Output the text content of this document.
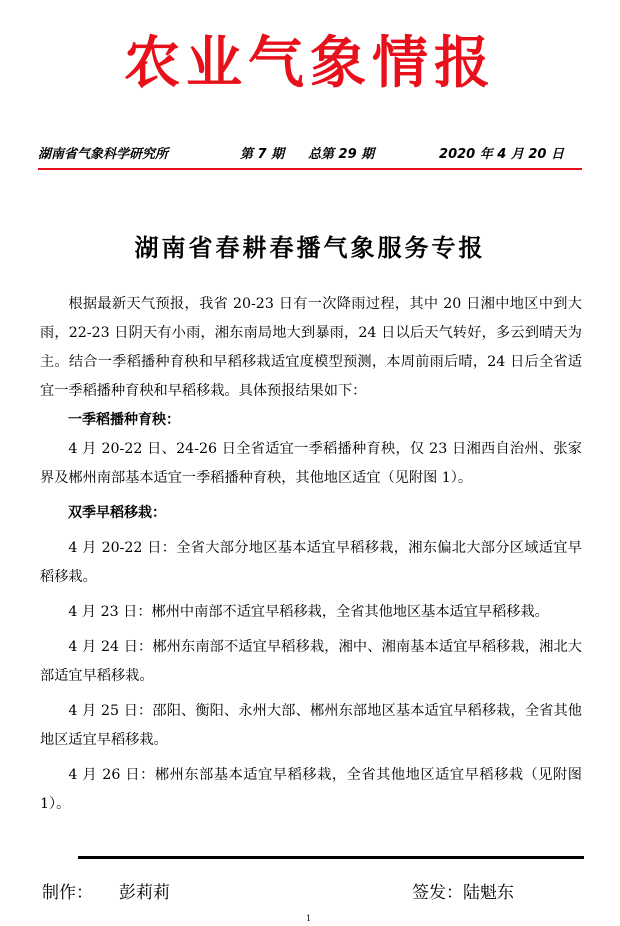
农业气象情报
湖南省气象科学研究所	第 7 期 总第 29 期	2020 年 4 月 20 日
湖南省春耕春播气象服务专报

根据最新天气预报，我省 20-23 日有一次降雨过程，其中 20 日湘中地区中到大雨，22-23 日阴天有小雨，湘东南局地大到暴雨，24 日以后天气转好，多云到晴天为主。结合一季稻播种育秧和早稻移栽适宜度模型预测，本周前雨后晴，24 日后全省适宜一季稻播种育秧和早稻移栽。具体预报结果如下：

一季稻播种育秧：

4 月 20-22 日、24-26 日全省适宜一季稻播种育秧，仅 23 日湘西自治州、张家界及郴州南部基本适宜一季稻播种育秧，其他地区适宜（见附图 1）。

双季早稻移栽：

4 月 20-22 日：全省大部分地区基本适宜早稻移栽，湘东偏北大部分区域适宜早稻移栽。

4 月 23 日：郴州中南部不适宜早稻移栽，全省其他地区基本适宜早稻移栽。

4 月 24 日：郴州东南部不适宜早稻移栽，湘中、湘南基本适宜早稻移栽，湘北大部适宜早稻移栽。

4 月 25 日：邵阳、衡阳、永州大部、郴州东部地区基本适宜早稻移栽，全省其他地区适宜早稻移栽。

4 月 26 日：郴州东部基本适宜早稻移栽，全省其他地区适宜早稻移栽（见附图 1）。

制作： 彭莉莉	签发：陆魁东
1
